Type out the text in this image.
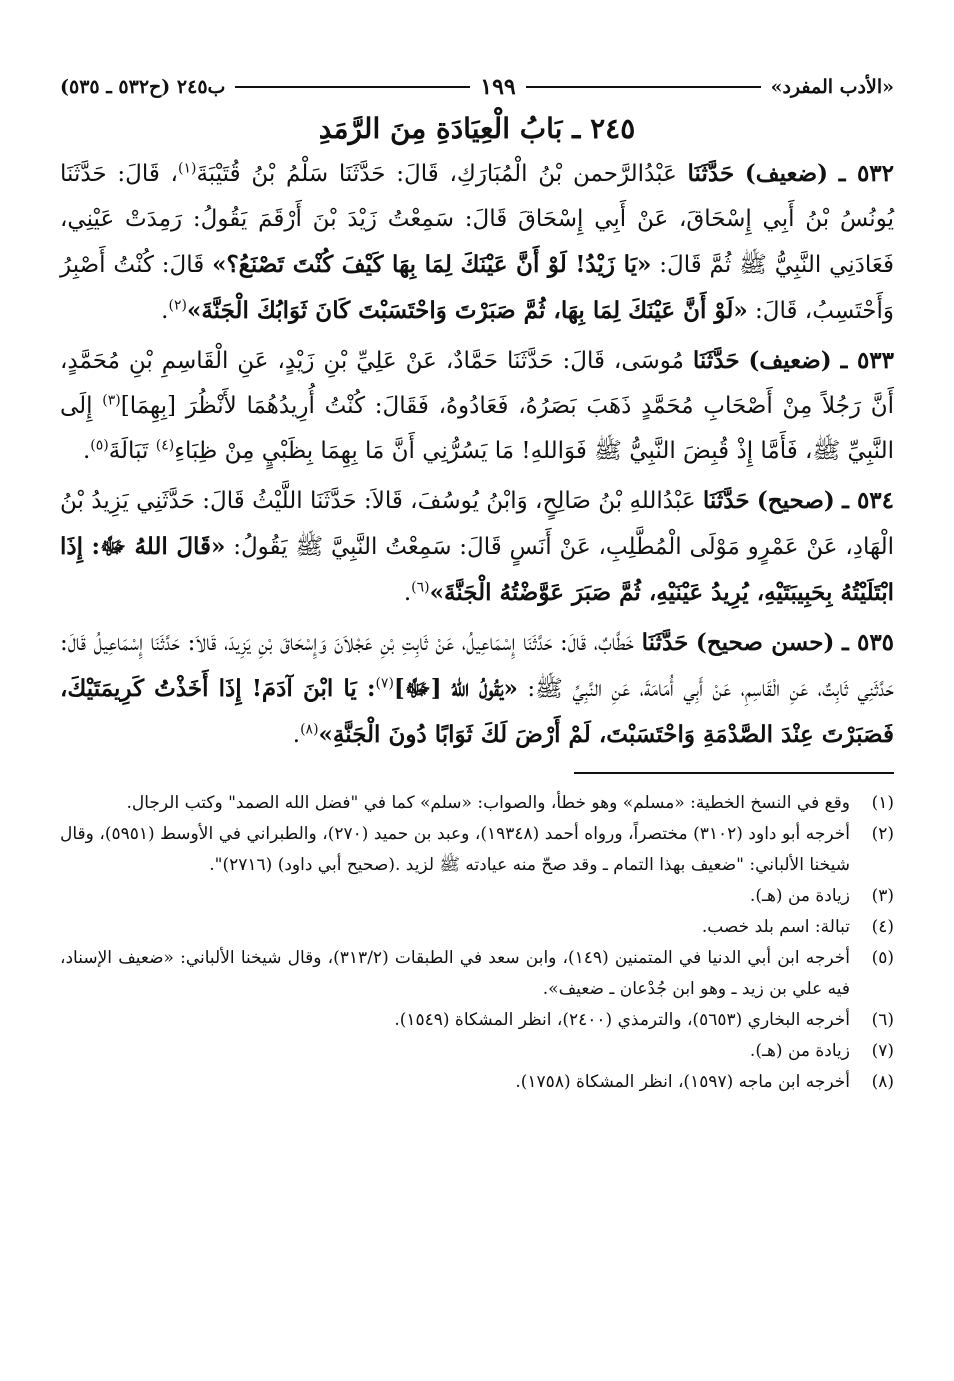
«الأدب المفرد»
١٩٩
ب٢٤٥ (ح٥٣٢ ـ ٥٣٥)
٢٤٥ ـ بَابُ الْعِيَادَةِ مِنَ الرَّمَدِ

٥٣٢ ـ (ضعيف) حَدَّثَنَا عَبْدُالرَّحمن بْنُ الْمُبَارَكِ، قَالَ: حَدَّثَنَا سَلْمُ بْنُ قُتَيْبَةَ$^{(١)}$، قَالَ: حَدَّثَنَا يُونُسُ بْنُ أَبِي إِسْحَاقَ، عَنْ أَبِي إِسْحَاقَ قَالَ: سَمِعْتُ زَيْدَ بْنَ أَرْقَمَ يَقُولُ: رَمِدَتْ عَيْنِي، فَعَادَنِي النَّبِيُّ ﷺ ثُمَّ قَالَ: «يَا زَيْدُ! لَوْ أَنَّ عَيْنَكَ لِمَا بِهَا كَيْفَ كُنْتَ تَصْنَعُ؟» قَالَ: كُنْتُ أَصْبِرُ وَأَحْتَسِبُ، قَالَ: «لَوْ أَنَّ عَيْنَكَ لِمَا بِهَا، ثُمَّ صَبَرْتَ وَاحْتَسَبْتَ كَانَ ثَوَابُكَ الْجَنَّةَ»$^{(٢)}$.

٥٣٣ ـ (ضعيف) حَدَّثَنَا مُوسَى، قَالَ: حَدَّثَنَا حَمَّادٌ، عَنْ عَلِيِّ بْنِ زَيْدٍ، عَنِ الْقَاسِمِ بْنِ مُحَمَّدٍ، أَنَّ رَجُلاً مِنْ أَصْحَابِ مُحَمَّدٍ ذَهَبَ بَصَرُهُ، فَعَادُوهُ، فَقَالَ: كُنْتُ أُرِيدُهُمَا لأَنْظُرَ [بِهِمَا]$^{(٣)}$ إِلَى النَّبِيِّ ﷺ، فَأَمَّا إِذْ قُبِضَ النَّبِيُّ ﷺ فَوَاللهِ! مَا يَسُرُّنِي أَنَّ مَا بِهِمَا بِظَبْيٍ مِنْ ظِبَاءِ$^{(٤)}$ تَبَالَةَ$^{(٥)}$.

٥٣٤ ـ (صحيح) حَدَّثَنَا عَبْدُاللهِ بْنُ صَالِحٍ، وَابْنُ يُوسُفَ، قَالاَ: حَدَّثَنَا اللَّيْثُ قَالَ: حَدَّثَنِي يَزِيدُ بْنُ الْهَادِ، عَنْ عَمْرٍو مَوْلَى الْمُطَّلِبِ، عَنْ أَنَسٍ قَالَ: سَمِعْتُ النَّبِيَّ ﷺ يَقُولُ: «قَالَ اللهُ ﷻ: إِذَا ابْتَلَيْتُهُ بِحَبِيبَتَيْهِ، يُرِيدُ عَيْنَيْهِ، ثُمَّ صَبَرَ عَوَّضْتُهُ الْجَنَّةَ»$^{(٦)}$.

٥٣٥ ـ (حسن صحيح) حَدَّثَنَا خَطَّابٌ، قَالَ: حَدَّثَنَا إِسْمَاعِيلُ، عَنْ ثَابِتِ بْنِ عَجْلاَنَ وَإِسْحَاقَ بْنِ يَزِيدَ، قَالاَ: حَدَّثَنَا إِسْمَاعِيلُ قَالَ: حَدَّثَنِي ثَابِتٌ، عَنِ الْقَاسِمِ، عَنْ أَبِي أُمَامَةَ، عَنِ النَّبِيِّ ﷺ: «يَقُولُ اللهُ [ﷻ]$^{(٧)}$: يَا ابْنَ آدَمَ! إِذَا أَخَذْتُ كَرِيمَتَيْكَ، فَصَبَرْتَ عِنْدَ الصَّدْمَةِ وَاحْتَسَبْتَ، لَمْ أَرْضَ لَكَ ثَوَابًا دُونَ الْجَنَّةِ»$^{(٨)}$.

(١)
وقع في النسخ الخطية: «مسلم» وهو خطأ، والصواب: «سلم» كما في "فضل الله الصمد" وكتب الرجال.
(٢)
أخرجه أبو داود (٣١٠٢) مختصراً، ورواه أحمد (١٩٣٤٨)، وعبد بن حميد (٢٧٠)، والطبراني في الأوسط (٥٩٥١)، وقال شيخنا الألباني: "ضعيف بهذا التمام ـ وقد صحّ منه عيادته ﷺ لزيد .(صحيح أبي داود) (٢٧١٦)".
(٣)
زيادة من (هـ).
(٤)
تبالة: اسم بلد خصب.
(٥)
أخرجه ابن أبي الدنيا في المتمنين (١٤٩)، وابن سعد في الطبقات (٣١٣/٢)، وقال شيخنا الألباني: «ضعيف الإسناد، فيه علي بن زيد ـ وهو ابن جُدْعان ـ ضعيف».
(٦)
أخرجه البخاري (٥٦٥٣)، والترمذي (٢٤٠٠)، انظر المشكاة (١٥٤٩).
(٧)
زيادة من (هـ).
(٨)
أخرجه ابن ماجه (١٥٩٧)، انظر المشكاة (١٧٥٨).
